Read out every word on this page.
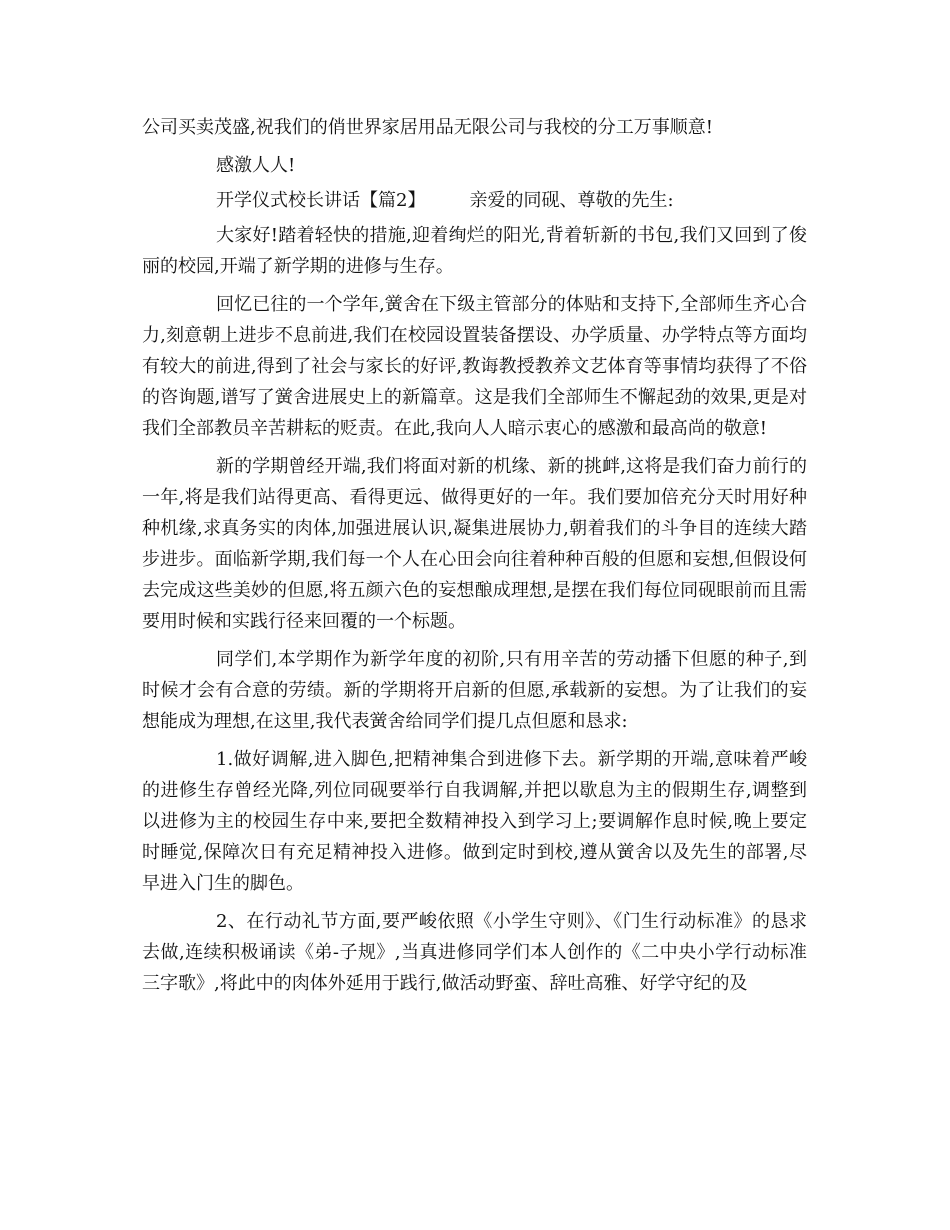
公司买卖茂盛,祝我们的俏世界家居用品无限公司与我校的分工万事顺意!

感激人人!

开学仪式校长讲话【篇2】 亲爱的同砚、尊敬的先生:

大家好!踏着轻快的措施,迎着绚烂的阳光,背着斩新的书包,我们又回到了俊丽的校园,开端了新学期的进修与生存。

回忆已往的一个学年,黉舍在下级主管部分的体贴和支持下,全部师生齐心合力,刻意朝上进步不息前进,我们在校园设置装备摆设、办学质量、办学特点等方面均有较大的前进,得到了社会与家长的好评,教诲教授教养文艺体育等事情均获得了不俗的咨询题,谱写了黉舍进展史上的新篇章。这是我们全部师生不懈起劲的效果,更是对我们全部教员辛苦耕耘的贬责。在此,我向人人暗示衷心的感激和最高尚的敬意!

新的学期曾经开端,我们将面对新的机缘、新的挑衅,这将是我们奋力前行的一年,将是我们站得更高、看得更远、做得更好的一年。我们要加倍充分天时用好种种机缘,求真务实的肉体,加强进展认识,凝集进展协力,朝着我们的斗争目的连续大踏步进步。面临新学期,我们每一个人在心田会向往着种种百般的但愿和妄想,但假设何去完成这些美妙的但愿,将五颜六色的妄想酿成理想,是摆在我们每位同砚眼前而且需要用时候和实践行径来回覆的一个标题。

同学们,本学期作为新学年度的初阶,只有用辛苦的劳动播下但愿的种子,到时候才会有合意的劳绩。新的学期将开启新的但愿,承载新的妄想。为了让我们的妄想能成为理想,在这里,我代表黉舍给同学们提几点但愿和恳求:

1.做好调解,进入脚色,把精神集合到进修下去。新学期的开端,意味着严峻的进修生存曾经光降,列位同砚要举行自我调解,并把以歇息为主的假期生存,调整到以进修为主的校园生存中来,要把全数精神投入到学习上;要调解作息时候,晚上要定时睡觉,保障次日有充足精神投入进修。做到定时到校,遵从黉舍以及先生的部署,尽早进入门生的脚色。

2、在行动礼节方面,要严峻依照《小学生守则》、《门生行动标准》的恳求去做,连续积极诵读《弟-子规》,当真进修同学们本人创作的《二中央小学行动标准三字歌》,将此中的肉体外延用于践行,做活动野蛮、辞吐高雅、好学守纪的及
